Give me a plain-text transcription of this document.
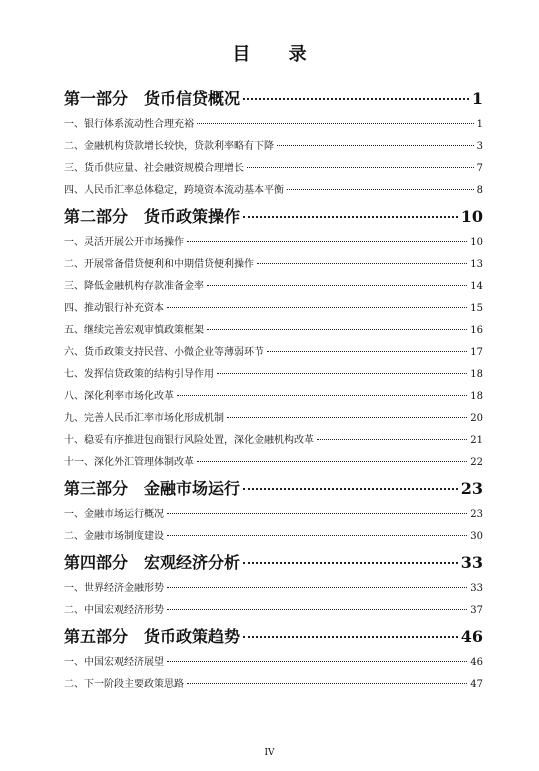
目 录
第一部分　货币信贷概况	1
一、银行体系流动性合理充裕	1
二、金融机构贷款增长较快，贷款利率略有下降	3
三、货币供应量、社会融资规模合理增长	7
四、人民币汇率总体稳定，跨境资本流动基本平衡	8
第二部分　货币政策操作	10
一、灵活开展公开市场操作	10
二、开展常备借贷便利和中期借贷便利操作	13
三、降低金融机构存款准备金率	14
四、推动银行补充资本	15
五、继续完善宏观审慎政策框架	16
六、货币政策支持民营、小微企业等薄弱环节	17
七、发挥信贷政策的结构引导作用	18
八、深化利率市场化改革	18
九、完善人民币汇率市场化形成机制	20
十、稳妥有序推进包商银行风险处置，深化金融机构改革	21
十一、深化外汇管理体制改革	22
第三部分　金融市场运行	23
一、金融市场运行概况	23
二、金融市场制度建设	30
第四部分　宏观经济分析	33
一、世界经济金融形势	33
二、中国宏观经济形势	37
第五部分　货币政策趋势	46
一、中国宏观经济展望	46
二、下一阶段主要政策思路	47
IV
